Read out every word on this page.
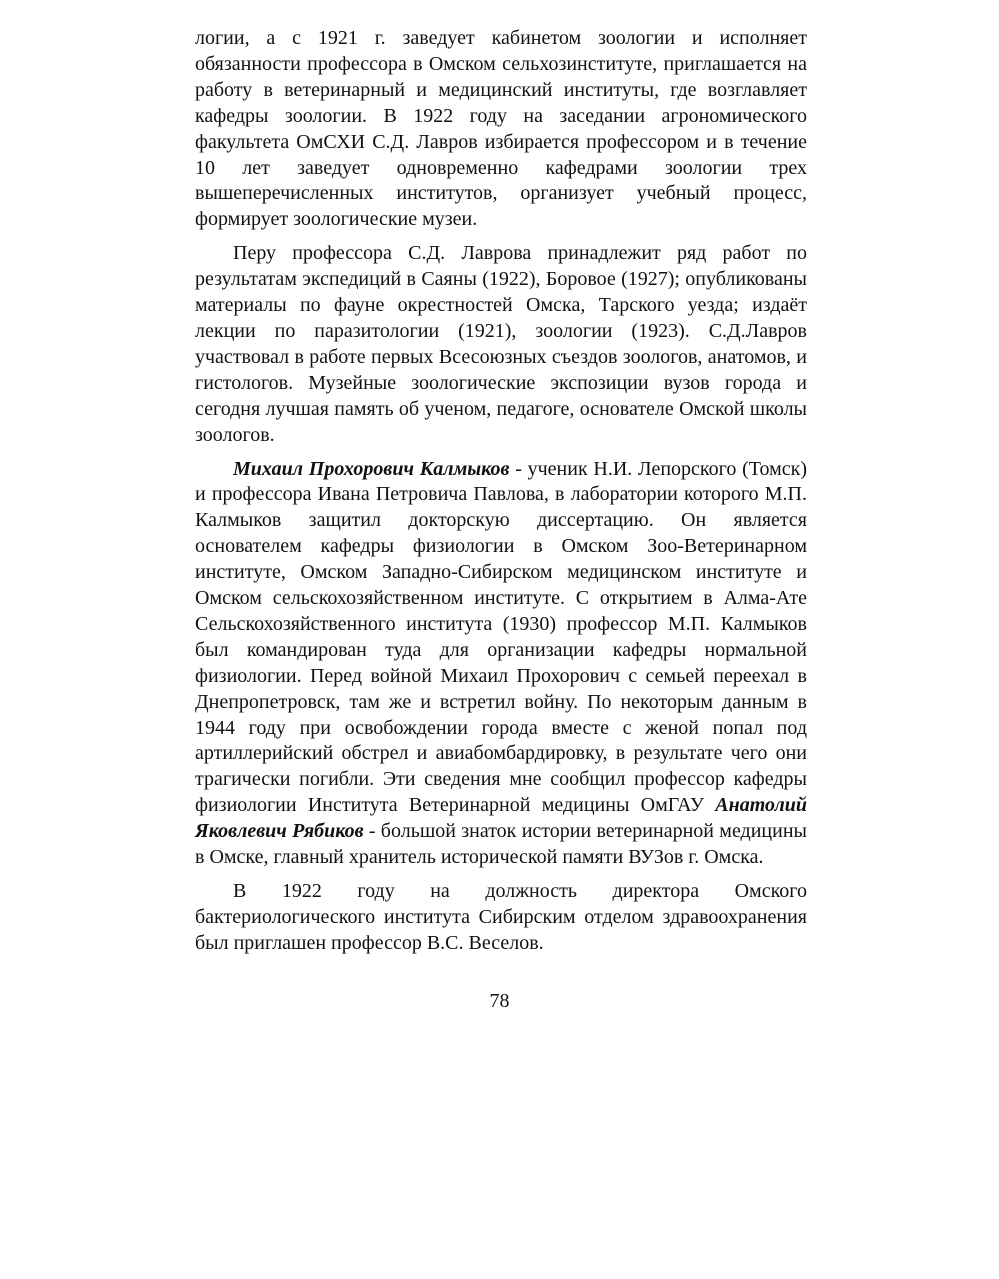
логии, а с 1921 г. заведует кабинетом зоологии и исполняет обязанности профессора в Омском сельхозинституте, приглашается на работу в ветеринарный и медицинский институты, где возглавляет кафедры зоологии. В 1922 году на заседании агрономического факультета ОмСХИ С.Д. Лавров избирается профессором и в течение 10 лет заведует одновременно кафедрами зоологии трех вышеперечисленных институтов, организует учебный процесс, формирует зоологические музеи.

Перу профессора С.Д. Лаврова принадлежит ряд работ по результатам экспедиций в Саяны (1922), Боровое (1927); опубликованы материалы по фауне окрестностей Омска, Тарского уезда; издаёт лекции по паразитологии (1921), зоологии (1923). С.Д.Лавров участвовал в работе первых Всесоюзных съездов зоологов, анатомов, и гистологов. Музейные зоологические экспозиции вузов города и сегодня лучшая память об ученом, педагоге, основателе Омской школы зоологов.

Михаил Прохорович Калмыков - ученик Н.И. Лепорского (Томск) и профессора Ивана Петровича Павлова, в лаборатории которого М.П. Калмыков защитил докторскую диссертацию. Он является основателем кафедры физиологии в Омском Зоо-Ветеринарном институте, Омском Западно-Сибирском медицинском институте и Омском сельскохозяйственном институте. С открытием в Алма-Ате Сельскохозяйственного института (1930) профессор М.П. Калмыков был командирован туда для организации кафедры нормальной физиологии. Перед войной Михаил Прохорович с семьей переехал в Днепропетровск, там же и встретил войну. По некоторым данным в 1944 году при освобождении города вместе с женой попал под артиллерийский обстрел и авиабомбардировку, в результате чего они трагически погибли. Эти сведения мне сообщил профессор кафедры физиологии Института Ветеринарной медицины ОмГАУ Анатолий Яковлевич Рябиков - большой знаток истории ветеринарной медицины в Омске, главный хранитель исторической памяти ВУЗов г. Омска.

В 1922 году на должность директора Омского бактериологического института Сибирским отделом здравоохранения был приглашен профессор В.С. Веселов.

78
